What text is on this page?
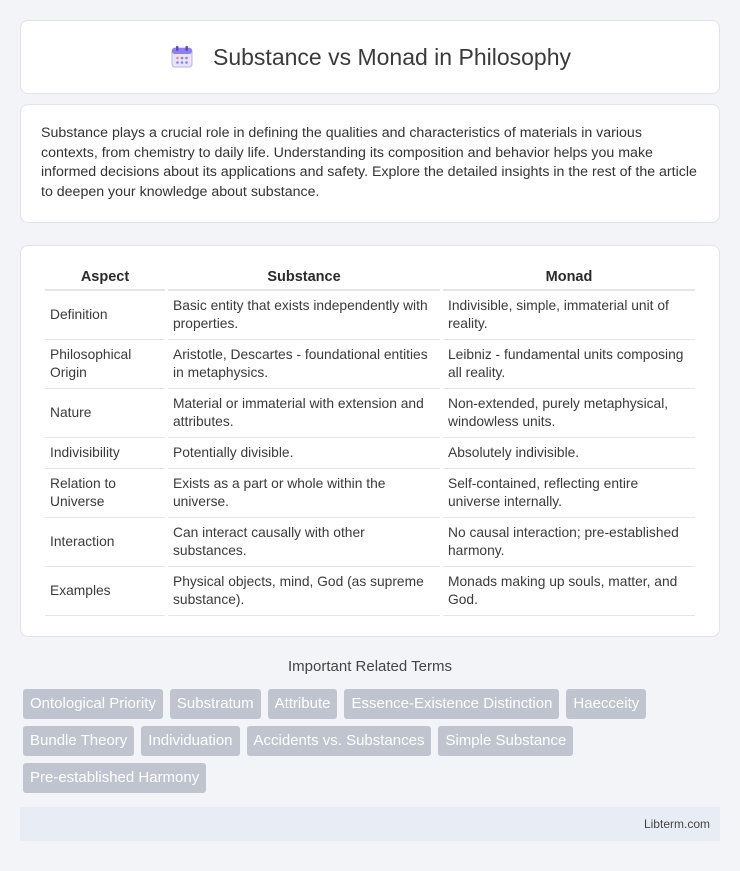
Substance vs Monad in Philosophy

Substance plays a crucial role in defining the qualities and characteristics of materials in various contexts, from chemistry to daily life. Understanding its composition and behavior helps you make informed decisions about its applications and safety. Explore the detailed insights in the rest of the article to deepen your knowledge about substance.

Aspect	Substance	Monad
Definition	Basic entity that exists independently with properties.	Indivisible, simple, immaterial unit of reality.
Philosophical Origin	Aristotle, Descartes - foundational entities in metaphysics.	Leibniz - fundamental units composing all reality.
Nature	Material or immaterial with extension and attributes.	Non-extended, purely metaphysical, windowless units.
Indivisibility	Potentially divisible.	Absolutely indivisible.
Relation to Universe	Exists as a part or whole within the universe.	Self-contained, reflecting entire universe internally.
Interaction	Can interact causally with other substances.	No causal interaction; pre-established harmony.
Examples	Physical objects, mind, God (as supreme substance).	Monads making up souls, matter, and God.
Important Related Terms
Ontological Priority	Substratum	Attribute	Essence-Existence Distinction	Haecceity
Bundle Theory	Individuation	Accidents vs. Substances	Simple Substance
Pre-established Harmony
Libterm.com
